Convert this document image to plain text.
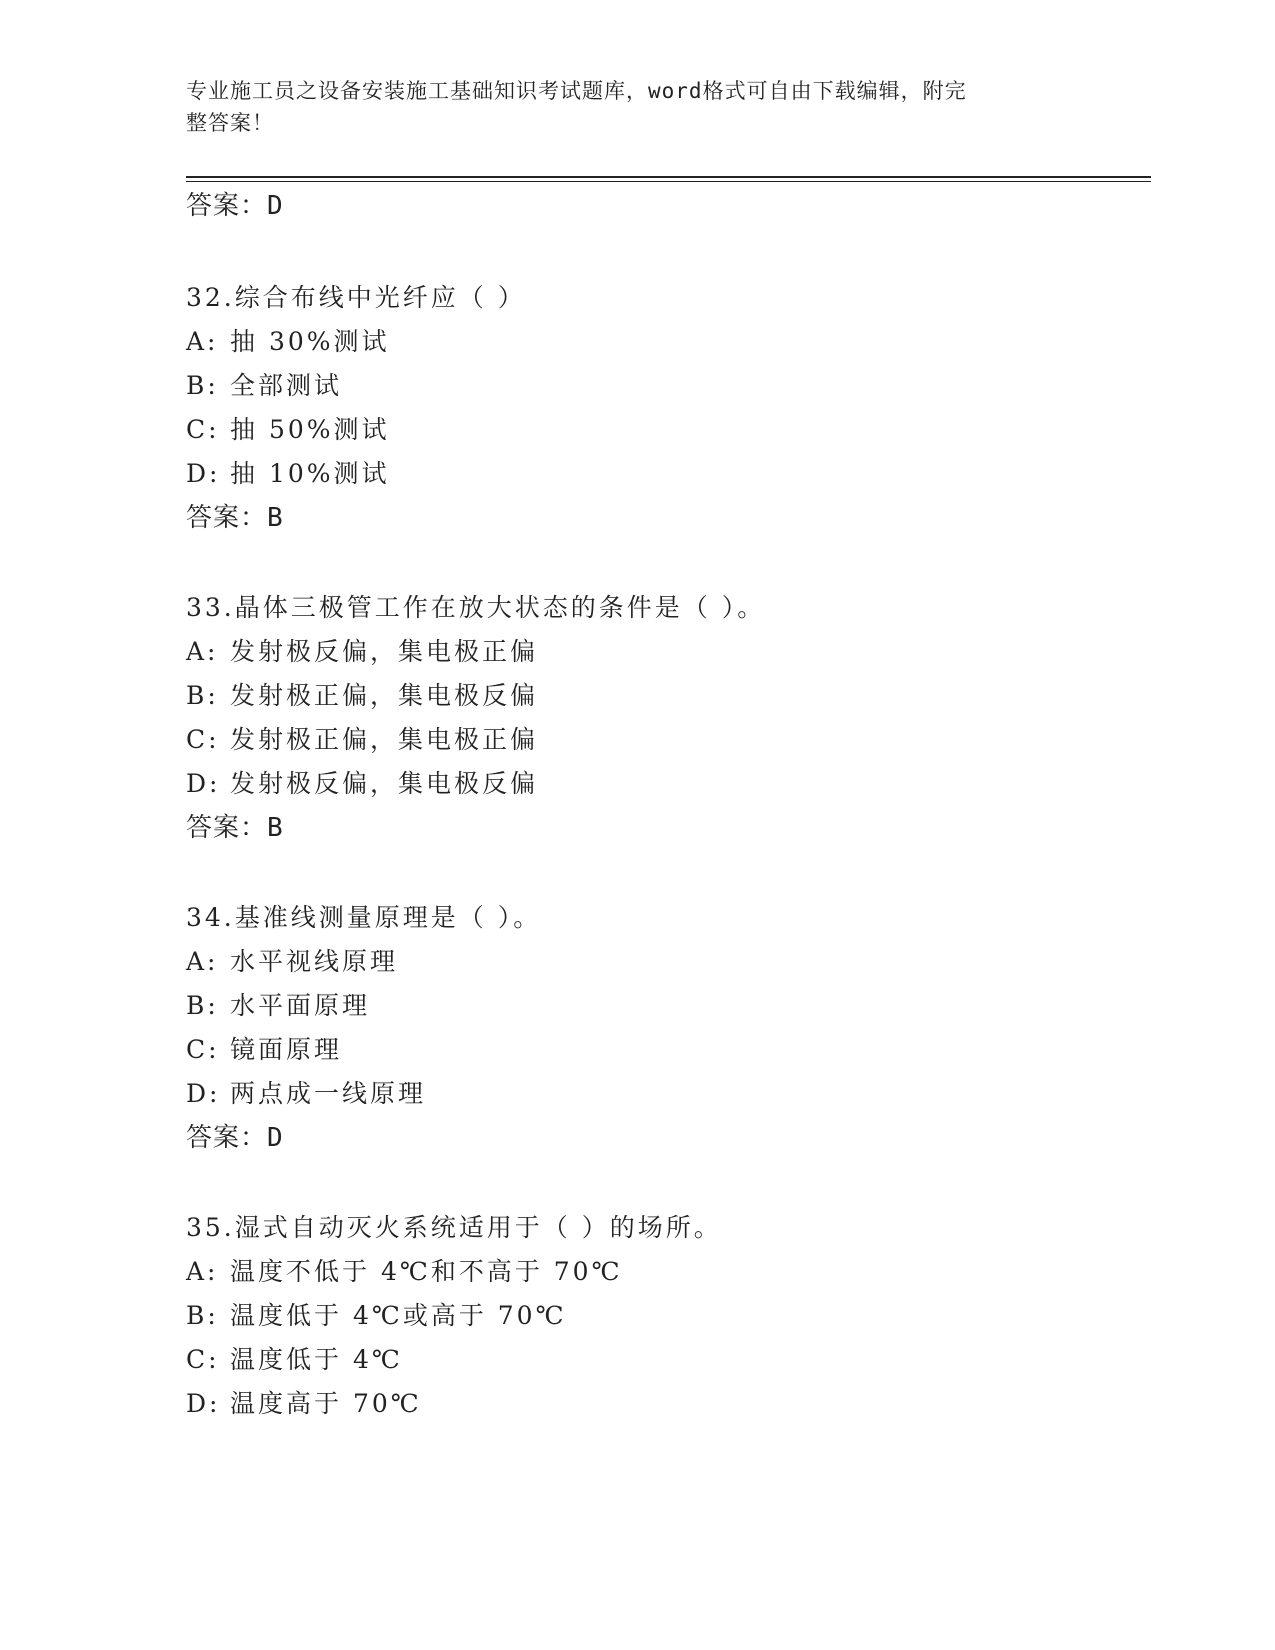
专业施工员之设备安装施工基础知识考试题库，word格式可自由下载编辑，附完
整答案！
答案：D
32.综合布线中光纤应（ ）
A: 抽 30%测试
B: 全部测试
C: 抽 50%测试
D: 抽 10%测试
答案：B
33.晶体三极管工作在放大状态的条件是（ ）。
A: 发射极反偏，集电极正偏
B: 发射极正偏，集电极反偏
C: 发射极正偏，集电极正偏
D: 发射极反偏，集电极反偏
答案：B
34.基准线测量原理是（ ）。
A: 水平视线原理
B: 水平面原理
C: 镜面原理
D: 两点成一线原理
答案：D
35.湿式自动灭火系统适用于（ ）的场所。
A: 温度不低于 4℃和不高于 70℃
B: 温度低于 4℃或高于 70℃
C: 温度低于 4℃
D: 温度高于 70℃
